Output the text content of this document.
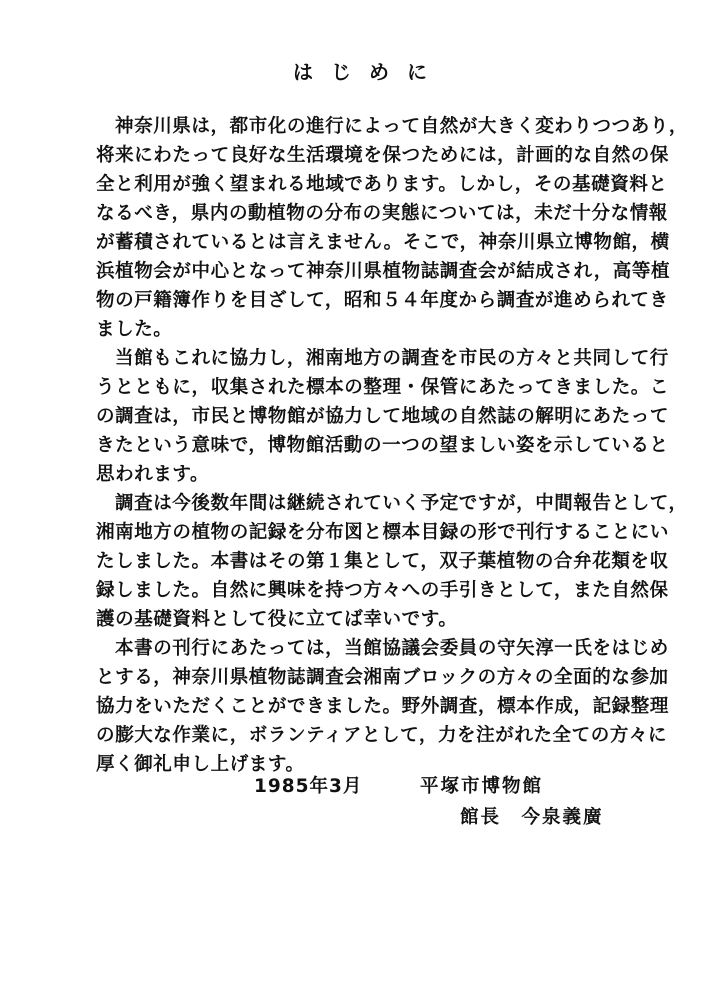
はじめに
神奈川県は，都市化の進行によって自然が大きく変わりつつあり，
将来にわたって良好な生活環境を保つためには，計画的な自然の保
全と利用が強く望まれる地域であります。しかし，その基礎資料と
なるべき，県内の動植物の分布の実態については，未だ十分な情報
が蓄積されているとは言えません。そこで，神奈川県立博物館，横
浜植物会が中心となって神奈川県植物誌調査会が結成され，高等植
物の戸籍簿作りを目ざして，昭和５４年度から調査が進められてき
ました。
当館もこれに協力し，湘南地方の調査を市民の方々と共同して行
うとともに，収集された標本の整理・保管にあたってきました。こ
の調査は，市民と博物館が協力して地域の自然誌の解明にあたって
きたという意味で，博物館活動の一つの望ましい姿を示していると
思われます。
調査は今後数年間は継続されていく予定ですが，中間報告として，
湘南地方の植物の記録を分布図と標本目録の形で刊行することにい
たしました。本書はその第１集として，双子葉植物の合弁花類を収
録しました。自然に興味を持つ方々への手引きとして，また自然保
護の基礎資料として役に立てば幸いです。
本書の刊行にあたっては，当館協議会委員の守矢淳一氏をはじめ
とする，神奈川県植物誌調査会湘南ブロックの方々の全面的な参加
協力をいただくことができました。野外調査，標本作成，記録整理
の膨大な作業に，ボランティアとして，力を注がれた全ての方々に
厚く御礼申し上げます。
1985年3月	平塚市博物館
館長　今泉義廣
